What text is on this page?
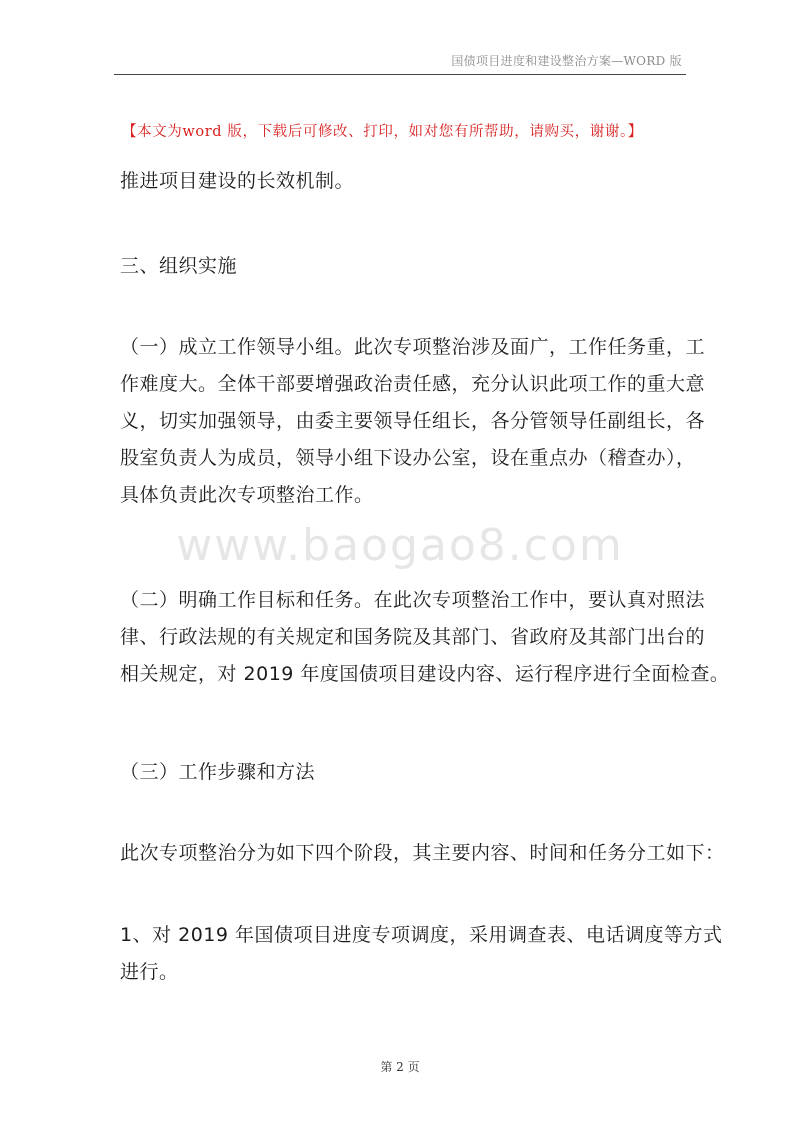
国债项目进度和建设整治方案—WORD 版
【本文为word 版，下载后可修改、打印，如对您有所帮助，请购买，谢谢。】
推进项目建设的长效机制。
三、组织实施
（一）成立工作领导小组。此次专项整治涉及面广，工作任务重，工
作难度大。全体干部要增强政治责任感，充分认识此项工作的重大意
义，切实加强领导，由委主要领导任组长，各分管领导任副组长，各
股室负责人为成员，领导小组下设办公室，设在重点办（稽查办），
具体负责此次专项整治工作。
www.baogao8.com
（二）明确工作目标和任务。在此次专项整治工作中，要认真对照法
律、行政法规的有关规定和国务院及其部门、省政府及其部门出台的
相关规定，对 2019 年度国债项目建设内容、运行程序进行全面检查。
（三）工作步骤和方法
此次专项整治分为如下四个阶段，其主要内容、时间和任务分工如下：
1、对 2019 年国债项目进度专项调度，采用调查表、电话调度等方式
进行。
第 2 页
